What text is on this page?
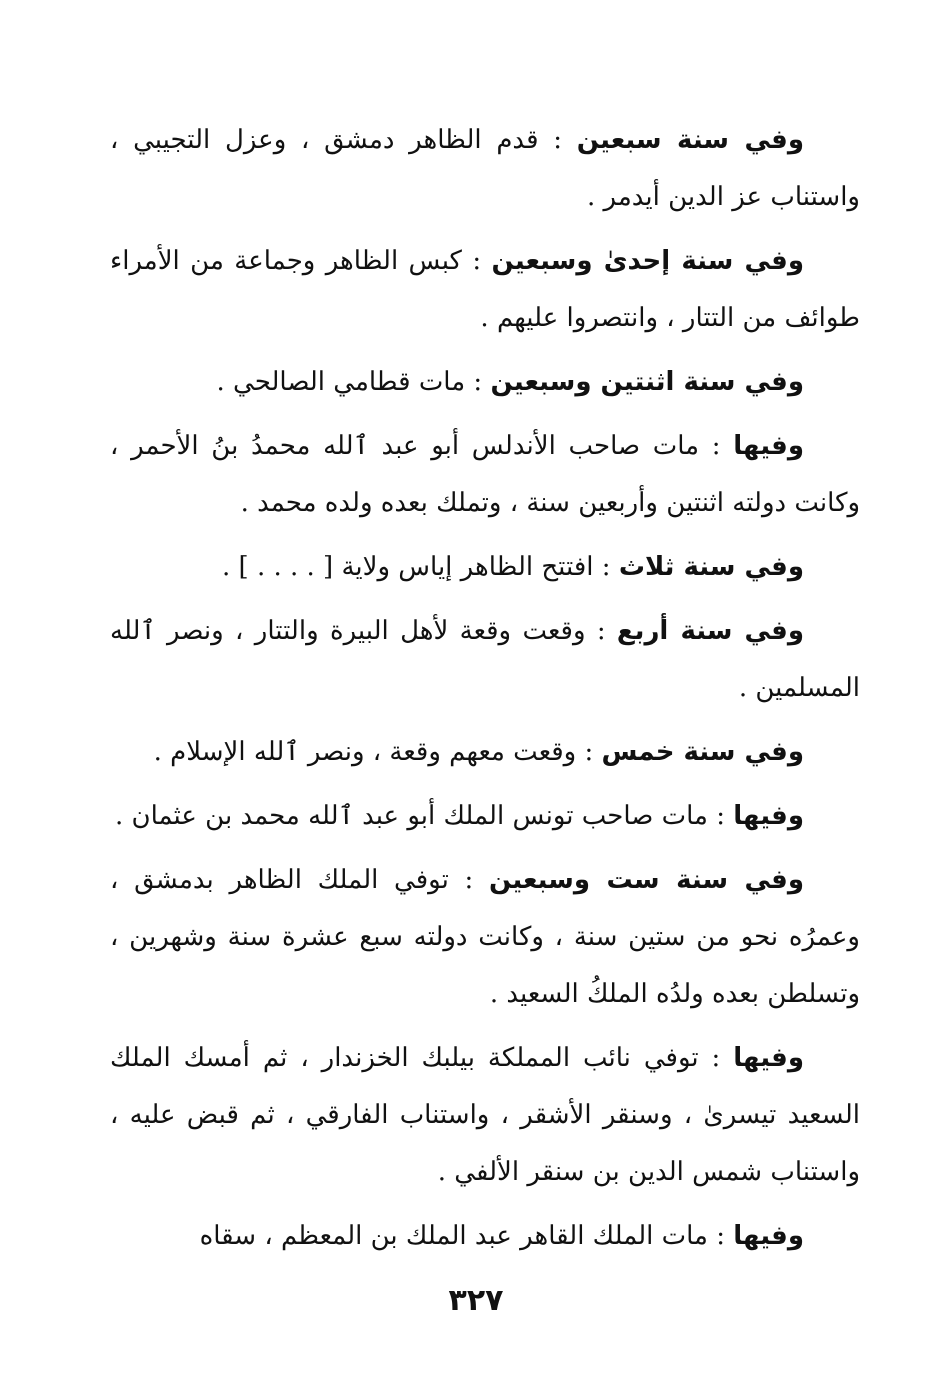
وفي سنة سبعين : قدم الظاهر دمشق ، وعزل التجيبي ، واستناب عز الدين أيدمر .

وفي سنة إحدىٰ وسبعين : كبس الظاهر وجماعة من الأمراء طوائف من التتار ، وانتصروا عليهم .

وفي سنة اثنتين وسبعين : مات قطامي الصالحي .

وفيها : مات صاحب الأندلس أبو عبد ٱلله محمدُ بنُ الأحمر ، وكانت دولته اثنتين وأربعين سنة ، وتملك بعده ولده محمد .

وفي سنة ثلاث : افتتح الظاهر إياس ولاية [ . . . . ] .

وفي سنة أربع : وقعت وقعة لأهل البيرة والتتار ، ونصر ٱلله المسلمين .

وفي سنة خمس : وقعت معهم وقعة ، ونصر ٱلله الإسلام .

وفيها : مات صاحب تونس الملك أبو عبد ٱلله محمد بن عثمان .

وفي سنة ست وسبعين : توفي الملك الظاهر بدمشق ، وعمرُه نحو من ستين سنة ، وكانت دولته سبع عشرة سنة وشهرين ، وتسلطن بعده ولدُه الملكُ السعيد .

وفيها : توفي نائب المملكة بيلبك الخزندار ، ثم أمسك الملك السعيد تيسرىٰ ، وسنقر الأشقر ، واستناب الفارقي ، ثم قبض عليه ، واستناب شمس الدين بن سنقر الألفي .

وفيها : مات الملك القاهر عبد الملك بن المعظم ، سقاه

٣٢٧
